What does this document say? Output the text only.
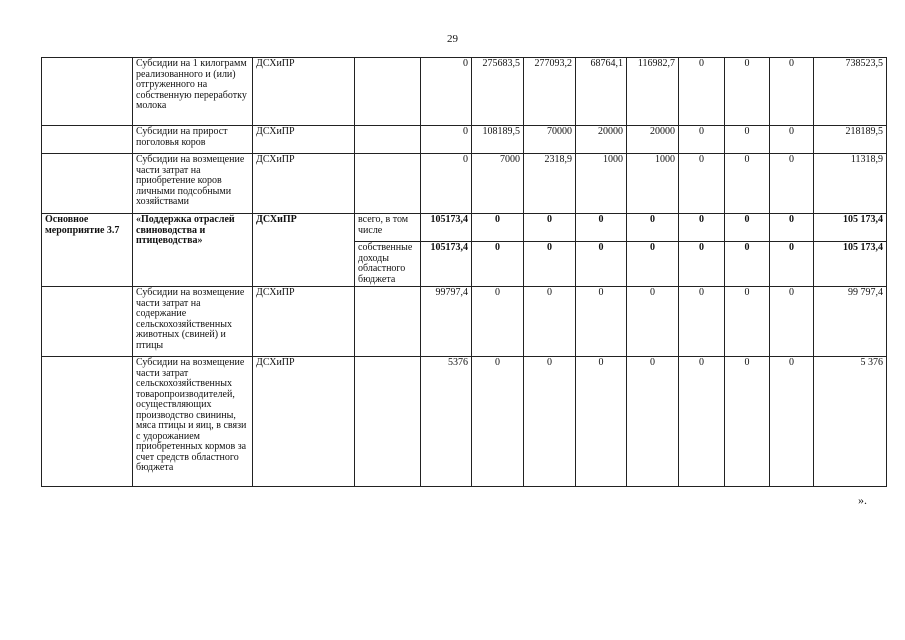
29
	Субсидии на 1 килограмм реализованного и (или) отгруженного на собственную переработку молока	ДСХиПР		0	275683,5	277093,2	68764,1	116982,7	0	0	0	738523,5
	Субсидии на прирост поголовья коров	ДСХиПР		0	108189,5	70000	20000	20000	0	0	0	218189,5
	Субсидии на возмещение части затрат на приобретение коров личными подсобными хозяйствами	ДСХиПР		0	7000	2318,9	1000	1000	0	0	0	11318,9
Основное мероприятие 3.7	«Поддержка отраслей свиноводства и птицеводства»	ДСХиПР	всего, в том числе	105173,4	0	0	0	0	0	0	0	105 173,4
			собственные доходы областного бюджета	105173,4	0	0	0	0	0	0	0	105 173,4
	Субсидии на возмещение части затрат на содержание сельскохозяйственных животных (свиней) и птицы	ДСХиПР		99797,4	0	0	0	0	0	0	0	99 797,4
	Субсидии на возмещение части затрат сельскохозяйственных товаропроизводителей, осуществляющих производство свинины, мяса птицы и яиц, в связи с удорожанием приобретенных кормов за счет средств областного бюджета	ДСХиПР		5376	0	0	0	0	0	0	0	5 376
».
